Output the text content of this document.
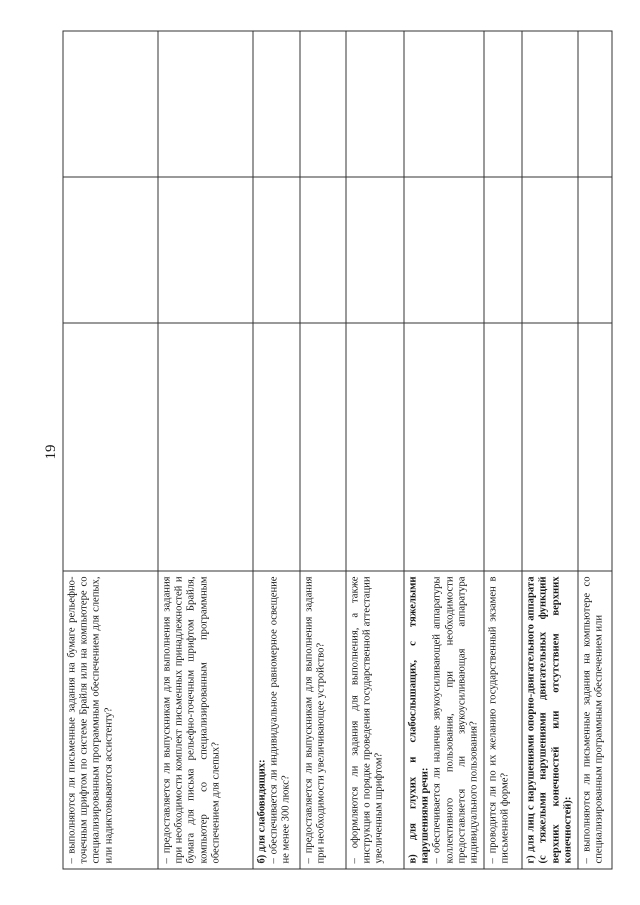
19
– выполняются ли письменные задания на бумаге рельефно-точечным шрифтом по системе Брайля или на компьютере со специализированным программным обеспечением для слепых, или надиктовываются ассистенту?			

– предоставляется ли выпускникам для выполнения задания при необходимости комплект письменных принадлежностей и бумага для письма рельефно-точечным шрифтом Брайля, компьютер со специализированным программным обеспечением для слепых?			

б) для слабовидящих: – обеспечивается ли индивидуальное равномерное освещение не менее 300 люкс?			

– предоставляется ли выпускникам для выполнения задания при необходимости увеличивающее устройство?			

– оформляются ли задания для выполнения, а также инструкция о порядке проведения государственной аттестации увеличенным шрифтом?			

в) для глухих и слабослышащих, с тяжелыми нарушениями речи: – обеспечивается ли наличие звукоусиливающей аппаратуры коллективного пользования, при необходимости предоставляется ли звукоусиливающая аппаратура индивидуального пользования?			

– проводится ли по их желанию государственный экзамен в письменной форме?			

г) для лиц с нарушениями опорно-двигательного аппарата (с тяжелыми нарушениями двигательных функций верхних конечностей или отсутствием верхних конечностей):			

– выполняются ли письменные задания на компьютере со специализированным программным обеспечением или			
